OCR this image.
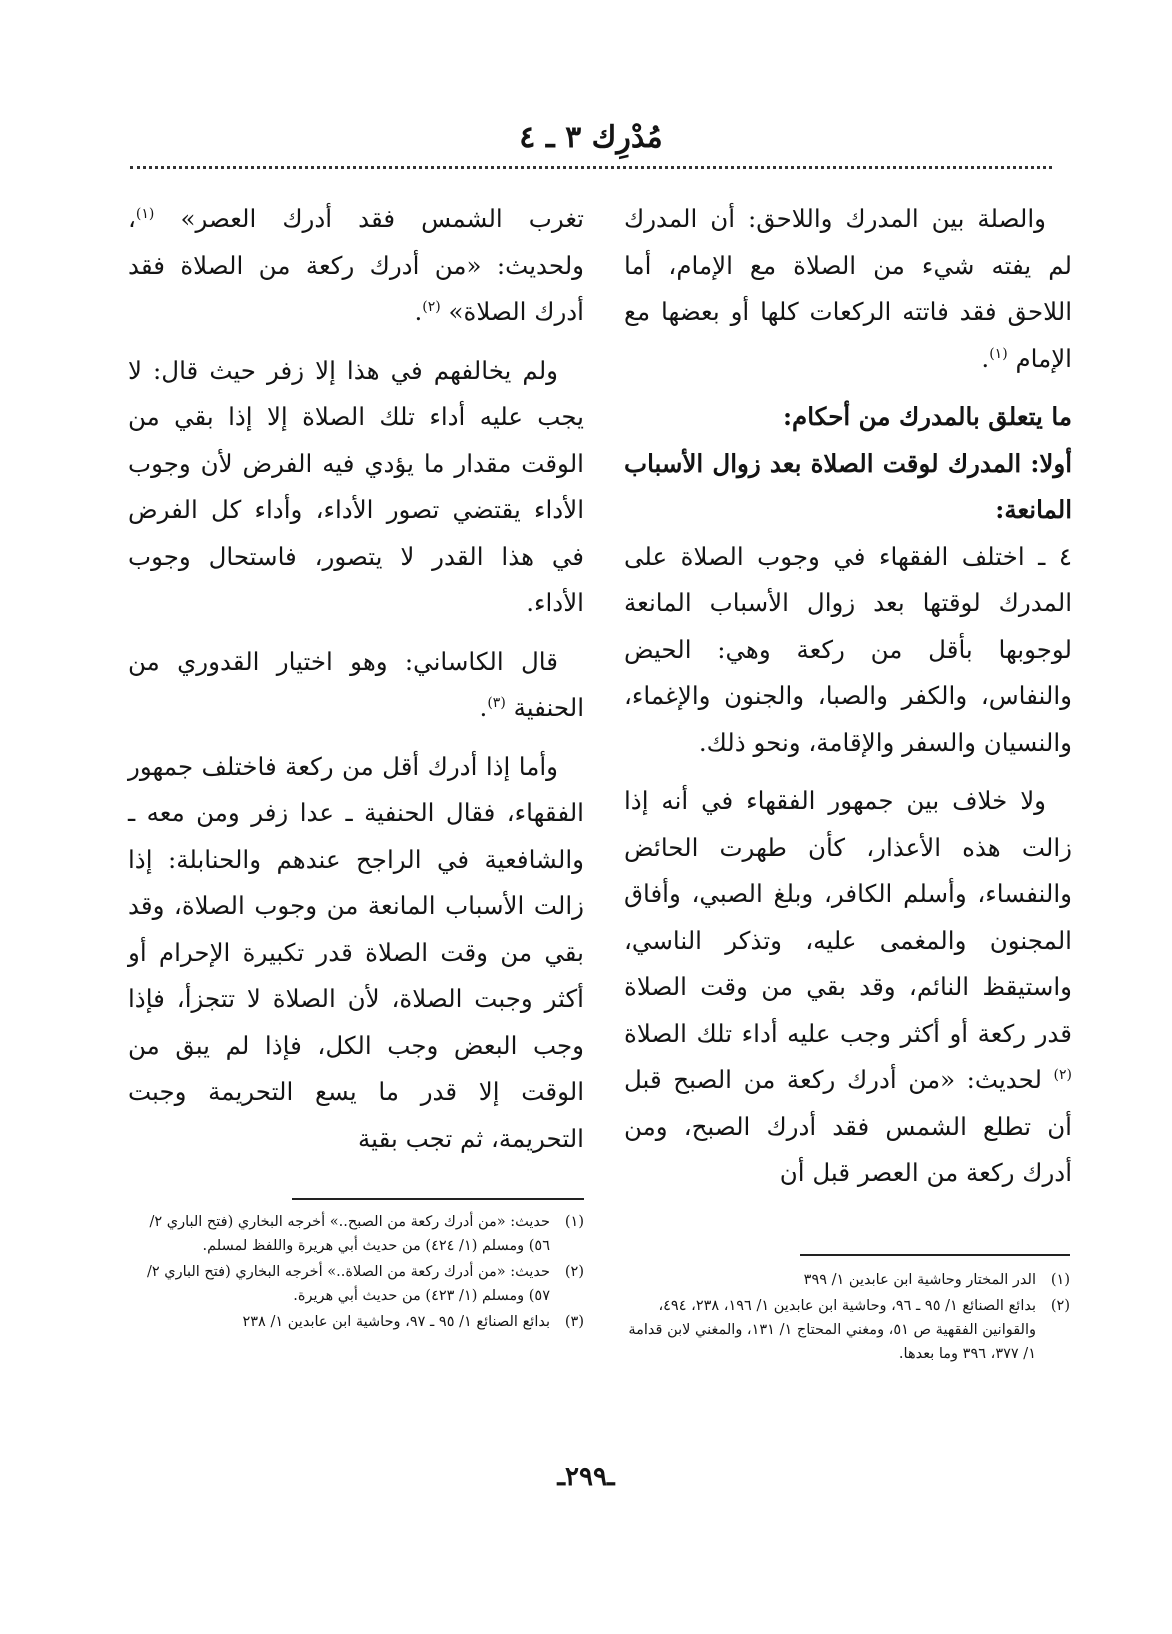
مُدْرِك ٣ ـ ٤

والصلة بين المدرك واللاحق: أن المدرك لم يفته شيء من الصلاة مع الإمام، أما اللاحق فقد فاتته الركعات كلها أو بعضها مع الإمام $^{(١)}$.

ما يتعلق بالمدرك من أحكام:

أولا: المدرك لوقت الصلاة بعد زوال الأسباب المانعة:

٤ ـ اختلف الفقهاء في وجوب الصلاة على المدرك لوقتها بعد زوال الأسباب المانعة لوجوبها بأقل من ركعة وهي: الحيض والنفاس، والكفر والصبا، والجنون والإغماء، والنسيان والسفر والإقامة، ونحو ذلك.

ولا خلاف بين جمهور الفقهاء في أنه إذا زالت هذه الأعذار، كأن طهرت الحائض والنفساء، وأسلم الكافر، وبلغ الصبي، وأفاق المجنون والمغمى عليه، وتذكر الناسي، واستيقظ النائم، وقد بقي من وقت الصلاة قدر ركعة أو أكثر وجب عليه أداء تلك الصلاة $^{(٢)}$ لحديث: «من أدرك ركعة من الصبح قبل أن تطلع الشمس فقد أدرك الصبح، ومن أدرك ركعة من العصر قبل أن

تغرب الشمس فقد أدرك العصر» $^{(١)}$، ولحديث: «من أدرك ركعة من الصلاة فقد أدرك الصلاة» $^{(٢)}$.

ولم يخالفهم في هذا إلا زفر حيث قال: لا يجب عليه أداء تلك الصلاة إلا إذا بقي من الوقت مقدار ما يؤدي فيه الفرض لأن وجوب الأداء يقتضي تصور الأداء، وأداء كل الفرض في هذا القدر لا يتصور، فاستحال وجوب الأداء.

قال الكاساني: وهو اختيار القدوري من الحنفية $^{(٣)}$.

وأما إذا أدرك أقل من ركعة فاختلف جمهور الفقهاء، فقال الحنفية ـ عدا زفر ومن معه ـ والشافعية في الراجح عندهم والحنابلة: إذا زالت الأسباب المانعة من وجوب الصلاة، وقد بقي من وقت الصلاة قدر تكبيرة الإحرام أو أكثر وجبت الصلاة، لأن الصلاة لا تتجزأ، فإذا وجب البعض وجب الكل، فإذا لم يبق من الوقت إلا قدر ما يسع التحريمة وجبت التحريمة، ثم تجب بقية

(١)
الدر المختار وحاشية ابن عابدين ١/ ٣٩٩
(٢)
بدائع الصنائع ١/ ٩٥ ـ ٩٦، وحاشية ابن عابدين ١/ ١٩٦، ٢٣٨، ٤٩٤، والقوانين الفقهية ص ٥١، ومغني المحتاج ١/ ١٣١، والمغني لابن قدامة ١/ ٣٧٧، ٣٩٦ وما بعدها.
(١)
حديث: «من أدرك ركعة من الصبح..» أخرجه البخاري (فتح الباري ٢/ ٥٦) ومسلم (١/ ٤٢٤) من حديث أبي هريرة واللفظ لمسلم.
(٢)
حديث: «من أدرك ركعة من الصلاة..» أخرجه البخاري (فتح الباري ٢/ ٥٧) ومسلم (١/ ٤٢٣) من حديث أبي هريرة.
(٣)
بدائع الصنائع ١/ ٩٥ ـ ٩٧، وحاشية ابن عابدين ١/ ٢٣٨
ـ٢٩٩ـ
